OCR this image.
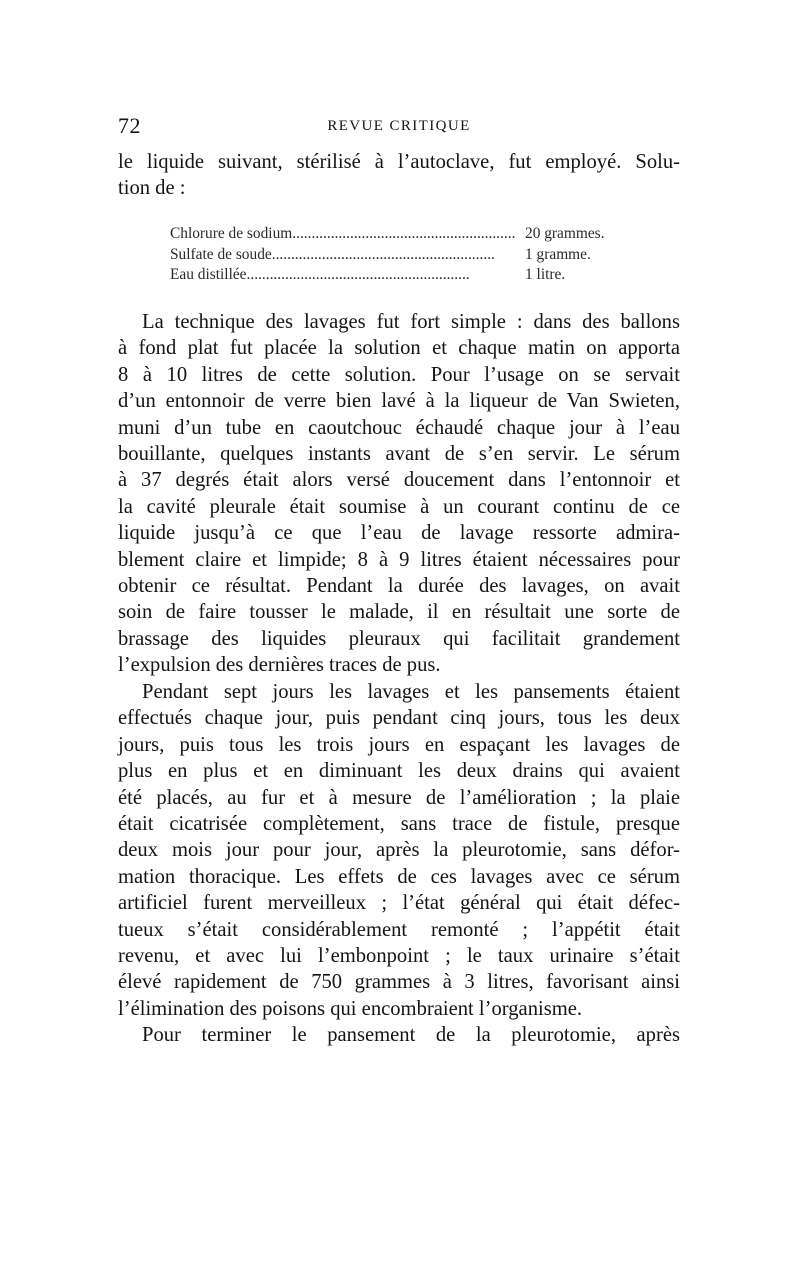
72	REVUE CRITIQUE
le liquide suivant, stérilisé à l’autoclave, fut employé. Solu-
tion de :
Chlorure de sodium.......................................................... 20 grammes.
Sulfate de soude..........................................................	1 gramme.
Eau distillée..........................................................	1 litre.
La technique des lavages fut fort simple : dans des ballons
à fond plat fut placée la solution et chaque matin on apporta
8 à 10 litres de cette solution. Pour l’usage on se servait
d’un entonnoir de verre bien lavé à la liqueur de Van Swieten,
muni d’un tube en caoutchouc échaudé chaque jour à l’eau
bouillante, quelques instants avant de s’en servir. Le sérum
à 37 degrés était alors versé doucement dans l’entonnoir et
la cavité pleurale était soumise à un courant continu de ce
liquide jusqu’à ce que l’eau de lavage ressorte admira-
blement claire et limpide; 8 à 9 litres étaient nécessaires pour
obtenir ce résultat. Pendant la durée des lavages, on avait
soin de faire tousser le malade, il en résultait une sorte de
brassage des liquides pleuraux qui facilitait grandement
l’expulsion des dernières traces de pus.
Pendant sept jours les lavages et les pansements étaient
effectués chaque jour, puis pendant cinq jours, tous les deux
jours, puis tous les trois jours en espaçant les lavages de
plus en plus et en diminuant les deux drains qui avaient
été placés, au fur et à mesure de l’amélioration ; la plaie
était cicatrisée complètement, sans trace de fistule, presque
deux mois jour pour jour, après la pleurotomie, sans défor-
mation thoracique. Les effets de ces lavages avec ce sérum
artificiel furent merveilleux ; l’état général qui était défec-
tueux s’était considérablement remonté ; l’appétit était
revenu, et avec lui l’embonpoint ; le taux urinaire s’était
élevé rapidement de 750 grammes à 3 litres, favorisant ainsi
l’élimination des poisons qui encombraient l’organisme.
Pour terminer le pansement de la pleurotomie, après
